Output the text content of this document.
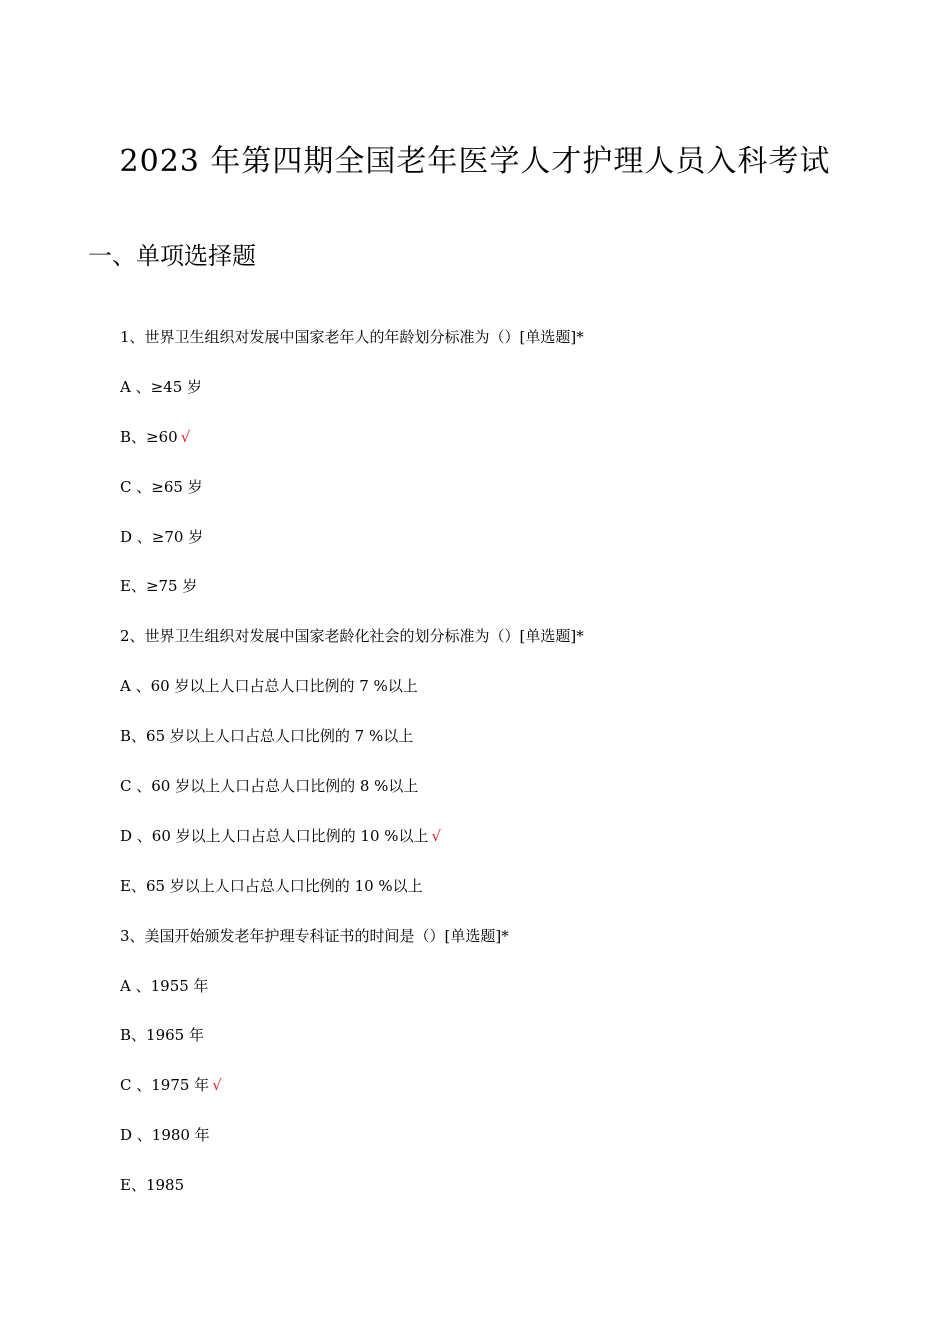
2023 年第四期全国老年医学人才护理人员入科考试
一、单项选择题
1、世界卫生组织对发展中国家老年人的年龄划分标准为（）[单选题]*
A 、≥45 岁
B、≥60 √
C 、≥65 岁
D 、≥70 岁
E、≥75 岁
2、世界卫生组织对发展中国家老龄化社会的划分标准为（）[单选题]*
A 、60 岁以上人口占总人口比例的 7 %以上
B、65 岁以上人口占总人口比例的 7 %以上
C 、60 岁以上人口占总人口比例的 8 %以上
D 、60 岁以上人口占总人口比例的 10 %以上 √
E、65 岁以上人口占总人口比例的 10 %以上
3、美国开始颁发老年护理专科证书的时间是（）[单选题]*
A 、1955 年
B、1965 年
C 、1975 年 √
D 、1980 年
E、1985
